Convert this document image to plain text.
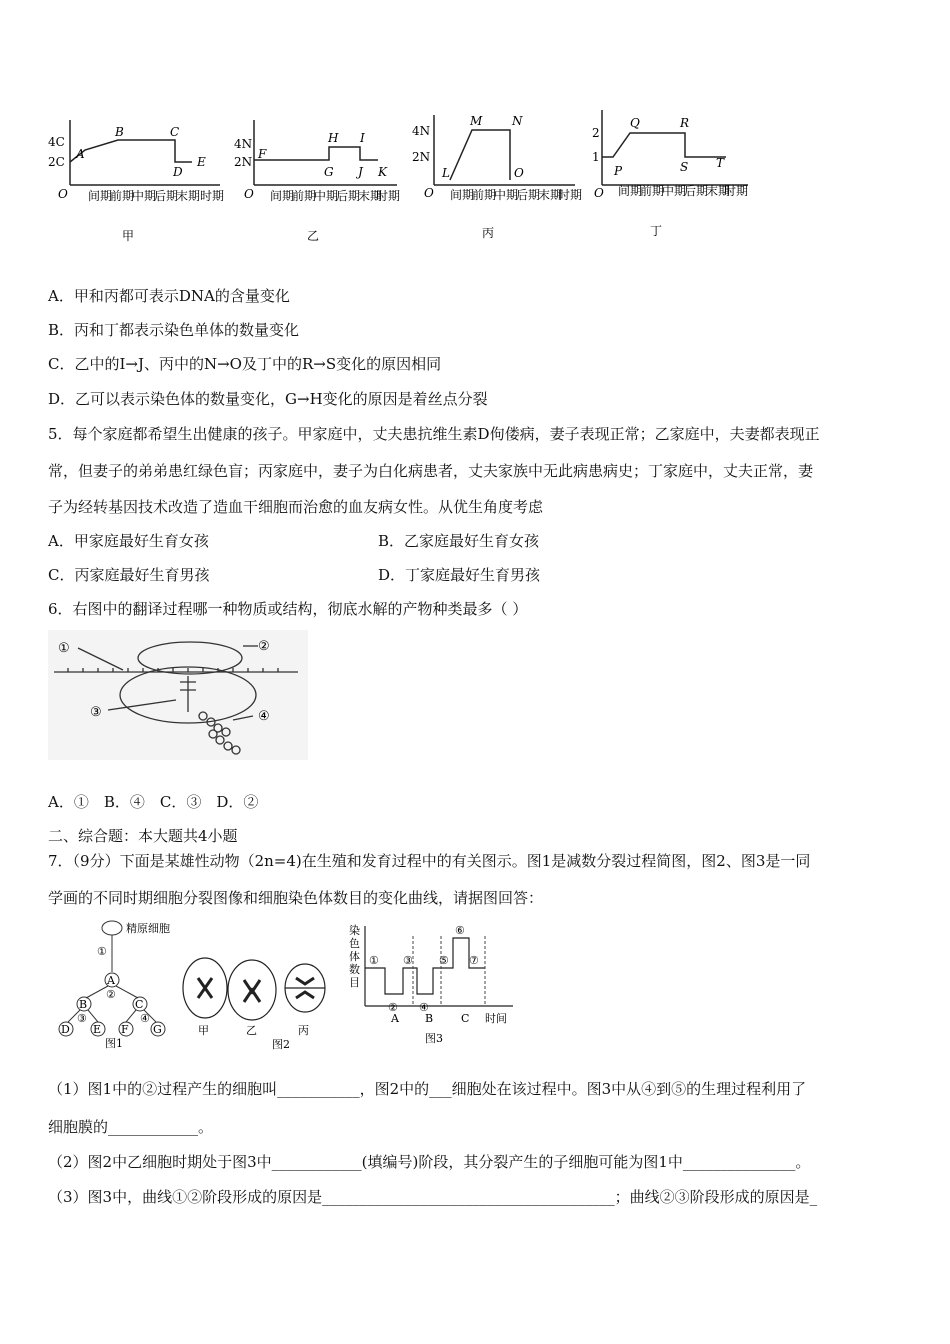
4C
2C
O
A
B	C
D
E
时期
间期
前期
中期
后期
末期
甲
4N
2N
O
F
G
H I
J K
时期
间期
前期
中期
后期
末期
乙
4N
2N
O
L
M N
O
时期
间期
前期
中期
后期
末期
丙
2
1
O
P
Q	R
S T
时期
间期
前期
中期
后期
末期
丁
A．甲和丙都可表示DNA的含量变化
B．丙和丁都表示染色单体的数量变化
C．乙中的I→J、丙中的N→O及丁中的R→S变化的原因相同
D．乙可以表示染色体的数量变化，G→H变化的原因是着丝点分裂
5．每个家庭都希望生出健康的孩子。甲家庭中，丈夫患抗维生素D佝偻病，妻子表现正常；乙家庭中，夫妻都表现正
常，但妻子的弟弟患红绿色盲；丙家庭中，妻子为白化病患者，丈夫家族中无此病患病史；丁家庭中，丈夫正常，妻
子为经转基因技术改造了造血干细胞而治愈的血友病女性。从优生角度考虑
A．甲家庭最好生育女孩	B．乙家庭最好生育女孩
C．丙家庭最好生育男孩	D．丁家庭最好生育男孩
6．右图中的翻译过程哪一种物质或结构，彻底水解的产物种类最多（ ）
①	②
③	④
A．①　B．④　C．③　D．②
二、综合题：本大题共4小题
7．（9分）下面是某雄性动物（2n=4)在生殖和发育过程中的有关图示。图1是减数分裂过程简图，图2、图3是一同
学画的不同时期细胞分裂图像和细胞染色体数目的变化曲线，请据图回答：
精原细胞
①
A
②
B	C
③	④
D E F G
图1
甲	乙	丙
图2
染
色
体
数
目
①
②
③
④
⑤
⑥
⑦
A B	C 时间
图3
（1）图1中的②过程产生的细胞叫___________，图2中的___细胞处在该过程中。图3中从④到⑤的生理过程利用了
细胞膜的____________。
（2）图2中乙细胞时期处于图3中____________(填编号)阶段，其分裂产生的子细胞可能为图1中_______________。
（3）图3中，曲线①②阶段形成的原因是_______________________________________；曲线②③阶段形成的原因是_
